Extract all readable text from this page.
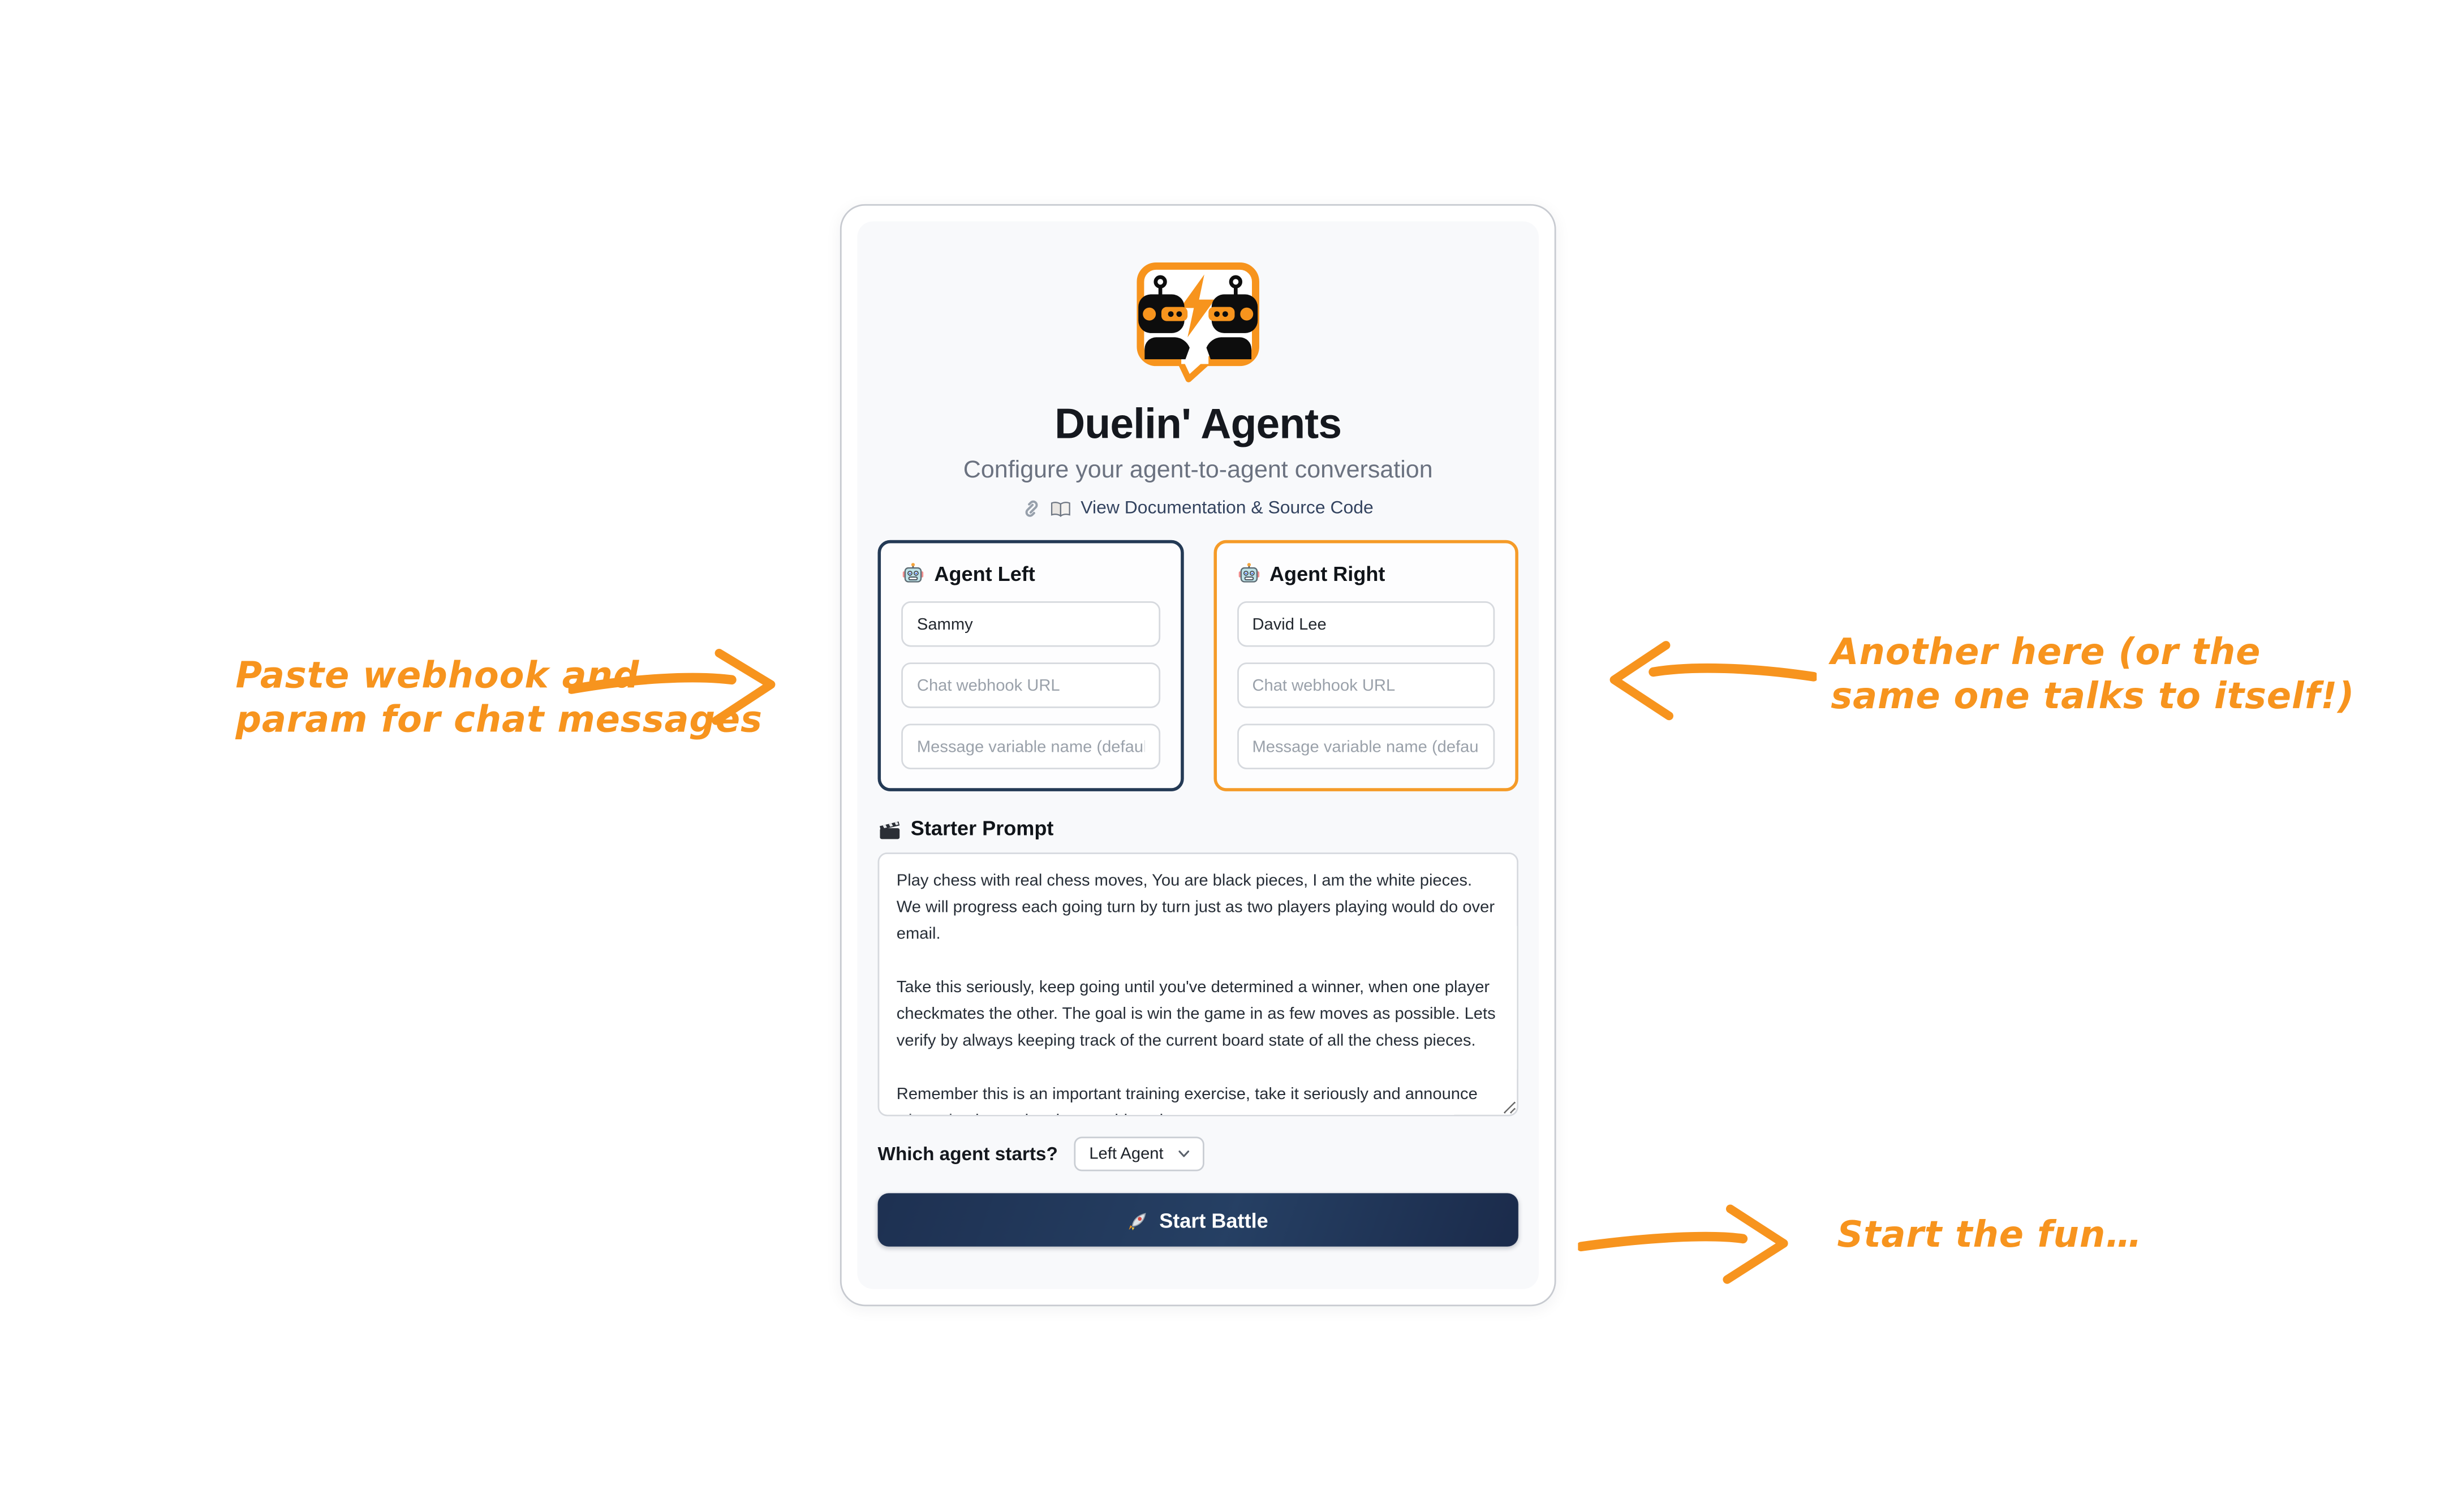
Duelin' Agents

Configure your agent-to-agent conversation

View Documentation & Source Code
Agent Left
Sammy
Chat webhook URL
Message variable name (default: chatInput)	Agent Right
David Lee
Chat webhook URL
Message variable name (default: chatInput)
Starter Prompt
Play chess with real chess moves, You are black pieces, I am the white pieces. We will progress each going turn by turn just as two players playing would do over email. Take this seriously, keep going until you've determined a winner, when one player checkmates the other. The goal is win the game in as few moves as possible. Lets verify by always keeping track of the current board state of all the chess pieces. Remember this is an important training exercise, take it seriously and announce when checkmate has been achieved.
Which agent starts?	Left Agent
Start Battle
Paste webhook and
param for chat messages
Another here (or the
same one talks to itself!)
Start the fun…
